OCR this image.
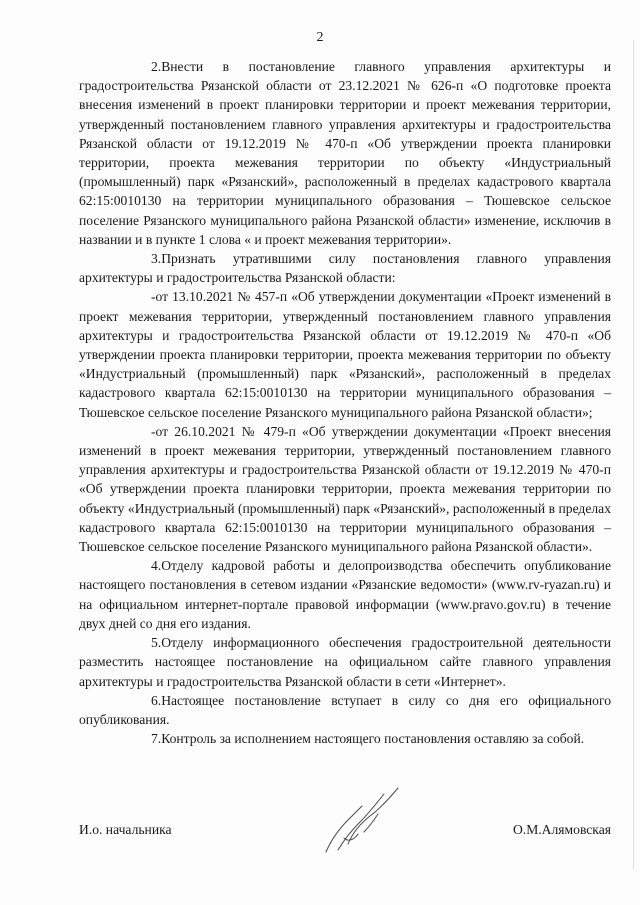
2

2.Внести в постановление главного управления архитектуры и градостроительства Рязанской области от 23.12.2021 № 626-п «О подготовке проекта внесения изменений в проект планировки территории и проект межевания территории, утвержденный постановлением главного управления архитектуры и градостроительства Рязанской области от 19.12.2019 № 470-п «Об утверждении проекта планировки территории, проекта межевания территории по объекту «Индустриальный (промышленный) парк «Рязанский», расположенный в пределах кадастрового квартала 62:15:0010130 на территории муниципального образования – Тюшевское сельское поселение Рязанского муниципального района Рязанской области» изменение, исключив в названии и в пункте 1 слова « и проект межевания территории».

3.Признать утратившими силу постановления главного управления архитектуры и градостроительства Рязанской области:

-от 13.10.2021 № 457-п «Об утверждении документации «Проект изменений в проект межевания территории, утвержденный постановлением главного управления архитектуры и градостроительства Рязанской области от 19.12.2019 № 470-п «Об утверждении проекта планировки территории, проекта межевания территории по объекту «Индустриальный (промышленный) парк «Рязанский», расположенный в пределах кадастрового квартала 62:15:0010130 на территории муниципального образования – Тюшевское сельское поселение Рязанского муниципального района Рязанской области»;

-от 26.10.2021 № 479-п «Об утверждении документации «Проект внесения изменений в проект межевания территории, утвержденный постановлением главного управления архитектуры и градостроительства Рязанской области от 19.12.2019 № 470-п «Об утверждении проекта планировки территории, проекта межевания территории по объекту «Индустриальный (промышленный) парк «Рязанский», расположенный в пределах кадастрового квартала 62:15:0010130 на территории муниципального образования – Тюшевское сельское поселение Рязанского муниципального района Рязанской области».

4.Отделу кадровой работы и делопроизводства обеспечить опубликование настоящего постановления в сетевом издании «Рязанские ведомости» (www.rv-ryazan.ru) и на официальном интернет-портале правовой информации (www.pravo.gov.ru) в течение двух дней со дня его издания.

5.Отделу информационного обеспечения градостроительной деятельности разместить настоящее постановление на официальном сайте главного управления архитектуры и градостроительства Рязанской области в сети «Интернет».

6.Настоящее постановление вступает в силу со дня его официального опубликования.

7.Контроль за исполнением настоящего постановления оставляю за собой.

И.о. начальника	О.М.Алямовская
